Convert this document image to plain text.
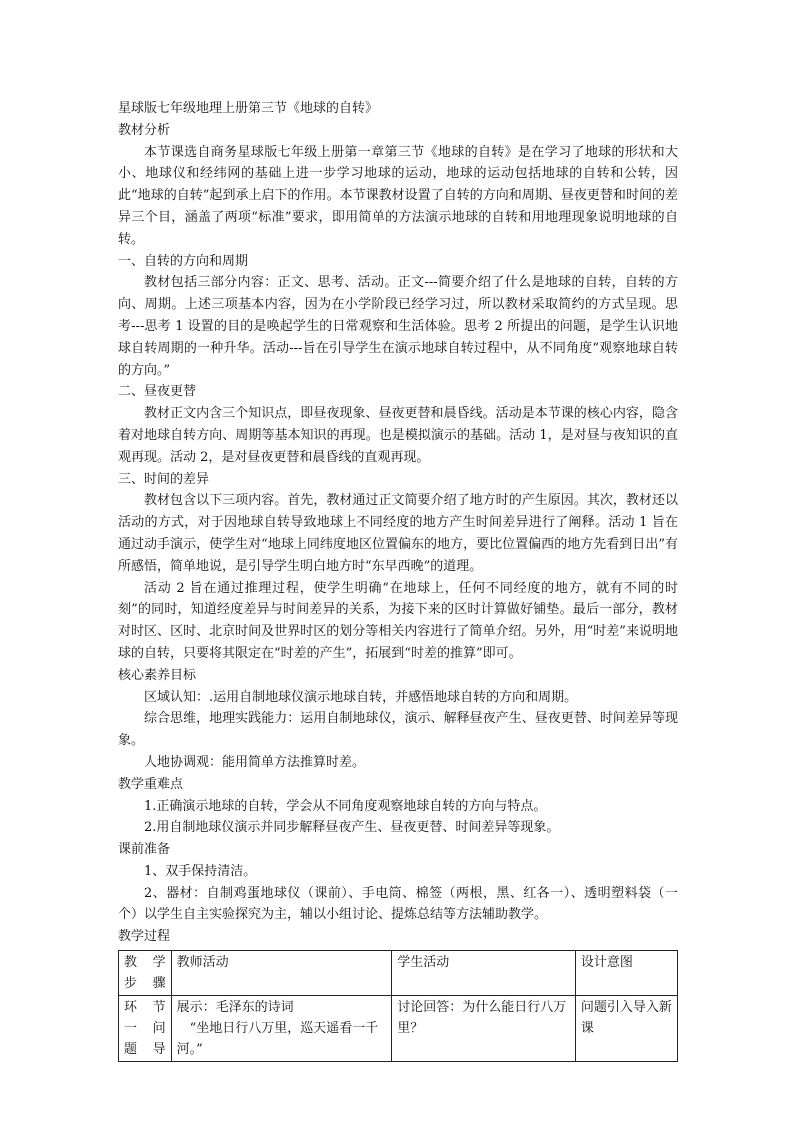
星球版七年级地理上册第三节《地球的自转》

教材分析

本节课选自商务星球版七年级上册第一章第三节《地球的自转》是在学习了地球的形状和大小、地球仪和经纬网的基础上进一步学习地球的运动，地球的运动包括地球的自转和公转，因此“地球的自转”起到承上启下的作用。本节课教材设置了自转的方向和周期、昼夜更替和时间的差异三个目，涵盖了两项“标准”要求，即用简单的方法演示地球的自转和用地理现象说明地球的自转。

一、自转的方向和周期

教材包括三部分内容：正文、思考、活动。正文---简要介绍了什么是地球的自转，自转的方向、周期。上述三项基本内容，因为在小学阶段已经学习过，所以教材采取简约的方式呈现。思考---思考 1 设置的目的是唤起学生的日常观察和生活体验。思考 2 所提出的问题，是学生认识地球自转周期的一种升华。活动---旨在引导学生在演示地球自转过程中，从不同角度“观察地球自转的方向。”

二、昼夜更替

教材正文内含三个知识点，即昼夜现象、昼夜更替和晨昏线。活动是本节课的核心内容，隐含着对地球自转方向、周期等基本知识的再现。也是模拟演示的基础。活动 1，是对昼与夜知识的直观再现。活动 2，是对昼夜更替和晨昏线的直观再现。

三、时间的差异

教材包含以下三项内容。首先，教材通过正文简要介绍了地方时的产生原因。其次，教材还以活动的方式，对于因地球自转导致地球上不同经度的地方产生时间差异进行了阐释。活动 1 旨在通过动手演示，使学生对“地球上同纬度地区位置偏东的地方，要比位置偏西的地方先看到日出”有所感悟，简单地说，是引导学生明白地方时“东早西晚”的道理。

活动 2 旨在通过推理过程，使学生明确“在地球上，任何不同经度的地方，就有不同的时刻”的同时，知道经度差异与时间差异的关系，为接下来的区时计算做好铺垫。最后一部分，教材对时区、区时、北京时间及世界时区的划分等相关内容进行了简单介绍。另外，用“时差”来说明地球的自转，只要将其限定在“时差的产生”，拓展到“时差的推算”即可。

核心素养目标

区域认知：.运用自制地球仪演示地球自转，并感悟地球自转的方向和周期。

综合思维，地理实践能力：运用自制地球仪，演示、解释昼夜产生、昼夜更替、时间差异等现象。

人地协调观：能用简单方法推算时差。

教学重难点

1.正确演示地球的自转，学会从不同角度观察地球自转的方向与特点。

2.用自制地球仪演示并同步解释昼夜产生、昼夜更替、时间差异等现象。

课前准备

1、双手保持清洁。

2、器材：自制鸡蛋地球仪（课前）、手电筒、棉签（两根，黑、红各一）、透明塑料袋（一个）以学生自主实验探究为主，辅以小组讨论、提炼总结等方法辅助教学。

教学过程

教 学 步骤	教师活动	学生活动	设计意图
环 节 一 问 题 导	展示：毛泽东的诗词
“坐地日行八万里，巡天遥看一千河。”	讨论回答：为什么能日行八万里？	问题引入导入新课
